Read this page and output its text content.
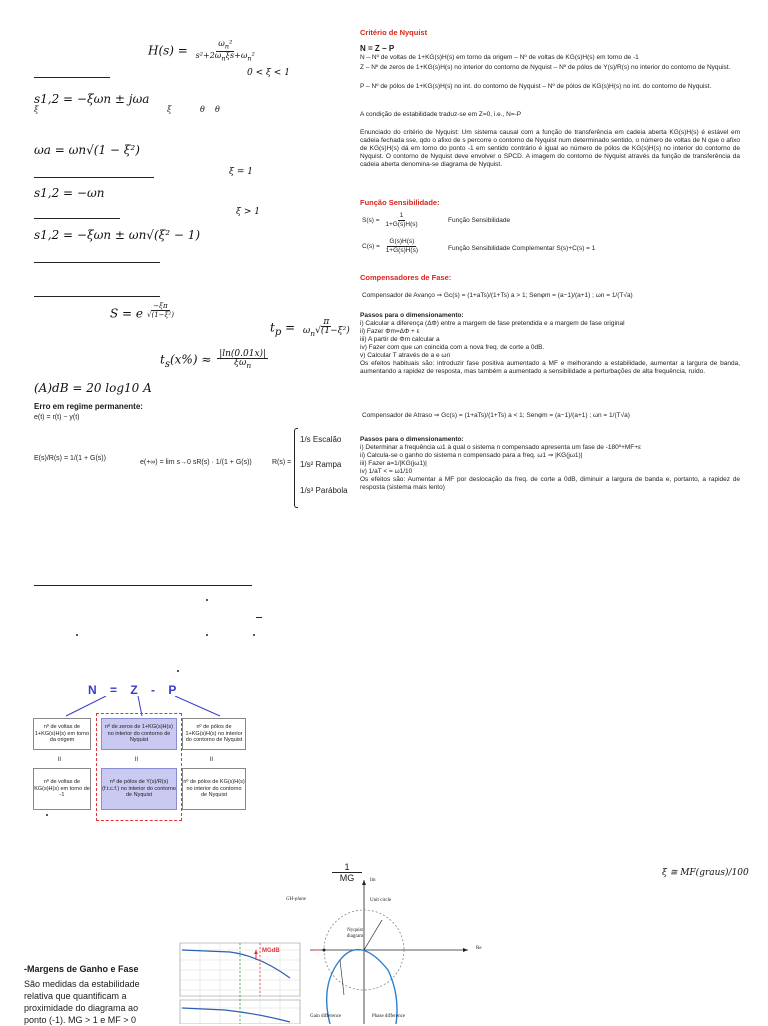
$H(s) = \frac{\omega_n^2}{s^2+2\omega_n\xi s+\omega_n^2}$
0 < ξ < 1
s1,2 = −ξωn ± jωa
ξ	ξ	θ θ
ωa = ωn√(1 − ξ²)
ξ = 1
s1,2 = −ωn
ξ > 1
s1,2 = −ξωn ± ωn√(ξ² − 1)
S = e $^{\frac{-\xi\pi}{\text{√(1−ξ²)}}}$
$t_p = \frac{\pi}{\omega_n√(1-\xi^2)}$
$t_s(x\%) \approx \frac{|\ln(0.01x)|}{\xi\omega_n}$
(A)dB = 20 log10 A
Erro em regime permanente:
e(t) = r(t) − y(t)
E(s)/R(s) = 1/(1 + G(s))
e(+∞) = lim s→0 sR(s) · 1/(1 + G(s))	R(s) =
1/s Escalão
1/s² Rampa
1/s³ Parábola
Critério de Nyquist
N = Z − P
N – Nº de voltas de 1+KG(s)H(s) em torno da origem – Nº de voltas de KG(s)H(s) em torno de -1
Z – Nº de zeros de 1+KG(s)H(s) no interior do contorno de Nyquist – Nº de pólos de Y(s)/R(s) no interior do contorno de Nyquist.
P – Nº de pólos de 1+KG(s)H(s) no int. do contorno de Nyquist – Nº de pólos de KG(s)H(s) no int. do contorno de Nyquist.
A condição de estabilidade traduz-se em Z=0, i.e., N=-P
Enunciado do critério de Nyquist: Um sistema causal com a função de transferência em cadeia aberta KG(s)H(s) é estável em cadeia fechada sse, qdo o afixo de s percorre o contorno de Nyquist num determinado sentido, o número de voltas de N que o afixo de KG(s)H(s) dá em torno do ponto -1 em sentido contrário é igual ao número de pólos de KG(s)H(s) no interior do contorno de Nyquist. O contorno de Nyquist deve envolver o SPCD. A imagem do contorno de Nyquist através da função de transferência da cadeia aberta denomina-se diagrama de Nyquist.
Função Sensibilidade:
$S(s) = \frac{1}{1+G(s)H(s)}$	Função Sensibilidade
$C(s) = \frac{G(s)H(s)}{1+G(s)H(s)}$	Função Sensibilidade Complementar S(s)+C(s) = 1
Compensadores de Fase:
Compensador de Avanço ⇒ Gc(s) = (1+aTs)/(1+Ts) a > 1; Senφm = (a−1)/(a+1) ; ωn = 1/(T√a)
Passos para o dimensionamento:
i) Calcular a diferença (ΔΦ) entre a margem de fase pretendida e a margem de fase original
ii) Fazer Φm=ΔΦ + ε
iii) A partir de Φm calcular a
iv) Fazer com que ωn coincida com a nova freq. de corte a 0dB.
v) Calcular T através de a e ωn
Os efeitos habituais são: introduzir fase positiva aumentado a MF e melhorando a estabilidade, aumentar a largura de banda, aumentando a rapidez de resposta, mas também a aumentado a sensibilidade a perturbações de alta frequência, ruído.
Compensador de Atraso ⇒ Gc(s) = (1+aTs)/(1+Ts) a < 1; Senφm = (a−1)/(a+1) ; ωn = 1/(T√a)
Passos para o dimensionamento:
i) Determinar a frequência ω1 à qual o sistema n compensado apresenta um fase de -180º+MF+ε
ii) Calcula-se o ganho do sistema n compensado para a freq. ω1 ⇒ |KG(jω1)|
iii) Fazer a=1/|KG(jω1)|
iv) 1/aT < = ω1/10
Os efeitos são: Aumentar a MF por deslocação da freq. de corte a 0dB, diminuir a largura de banda e, portanto, a rapidez de resposta (sistema mais lento)
N = Z - P
nº de voltas de 1+KG(s)H(s) em torno da origem
nº de zeros de 1+KG(s)H(s) no interior do contorno de Nyquist
nº de pólos de 1+KG(s)H(s) no interior do contorno de Nyquist
ll	ll	ll
nº de voltas de KG(s)H(s) em torno de -1
nº de pólos de Y(s)/R(s) (f.t.c.f.) no interior do contorno de Nyquist
nº de pólos de KG(s)H(s) no interior do contorno de Nyquist
ξ ≅ MF(graus)/100
$\frac{1}{MG}$
MGdB
GH-plane
Im
Re
Unit circle
Nyquist diagram
Gain difference	Phase difference
-Margens de Ganho e Fase
São medidas da estabilidade relativa que quantificam a proximidade do diagrama ao ponto (-1). MG > 1 e MF > 0
